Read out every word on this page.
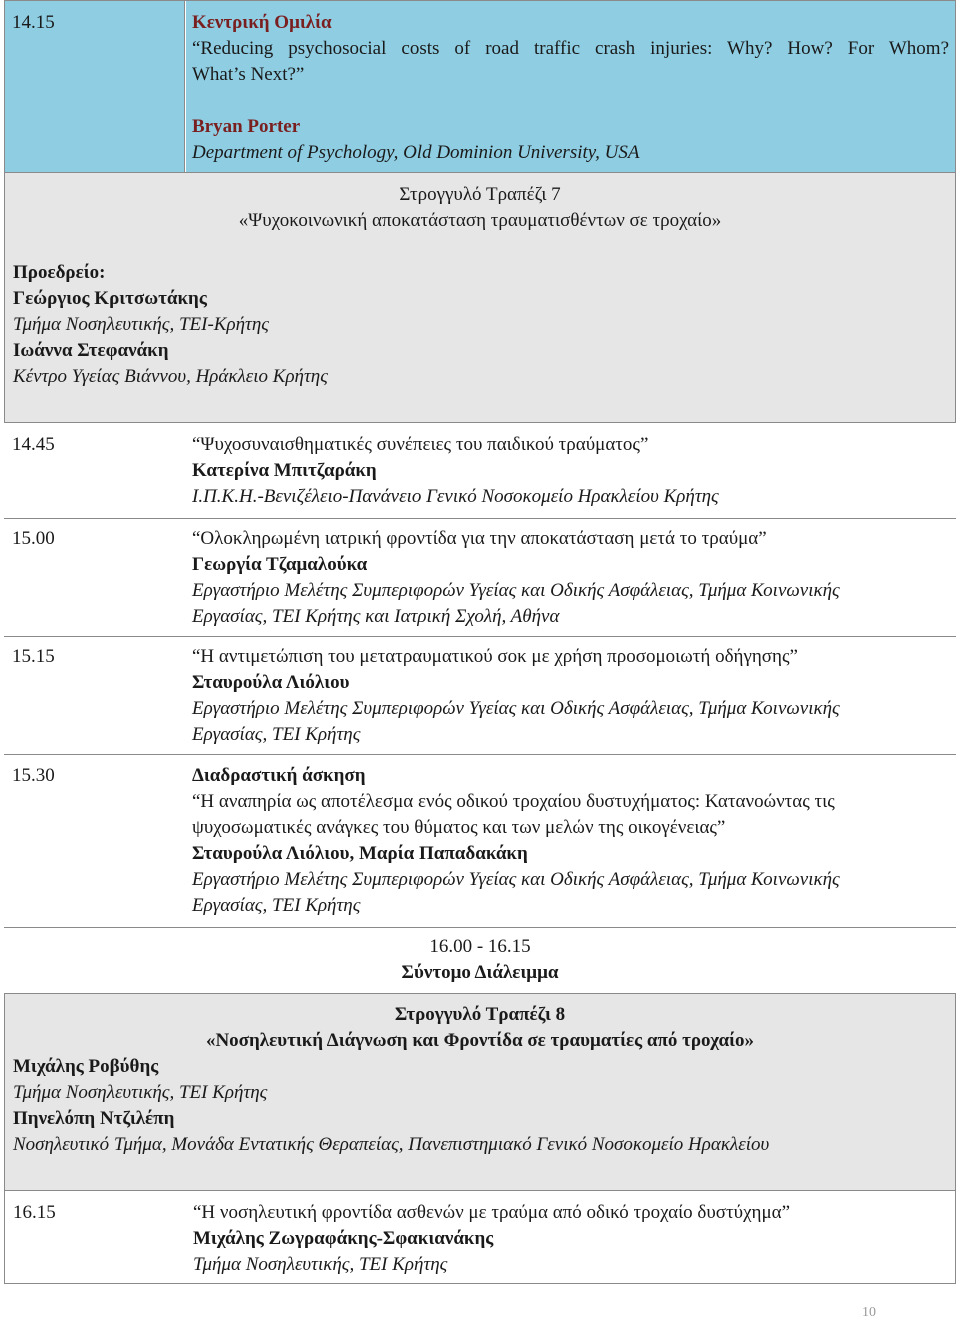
14.15	Κεντρική Ομιλία
“Reducing psychosocial costs of road traffic crash injuries: Why? How? For Whom?
What’s Next?”
Bryan Porter
Department of Psychology, Old Dominion University, USA
Στρογγυλό Τραπέζι 7
«Ψυχοκοινωνική αποκατάσταση τραυματισθέντων σε τροχαίο»
Προεδρείο:
Γεώργιος Κριτσωτάκης
Τμήμα Νοσηλευτικής, ΤΕΙ-Κρήτης
Ιωάννα Στεφανάκη
Κέντρο Υγείας Βιάννου, Ηράκλειο Κρήτης
14.45	“Ψυχοσυναισθηματικές συνέπειες του παιδικού τραύματος”
Κατερίνα Μπιτζαράκη
Ι.Π.Κ.Η.-Βενιζέλειο-Πανάνειο Γενικό Νοσοκομείο Ηρακλείου Κρήτης
15.00	“Ολοκληρωμένη ιατρική φροντίδα για την αποκατάσταση μετά το τραύμα”
Γεωργία Τζαμαλούκα
Εργαστήριο Μελέτης Συμπεριφορών Υγείας και Οδικής Ασφάλειας, Τμήμα Κοινωνικής
Εργασίας, ΤΕΙ Κρήτης και Ιατρική Σχολή, Αθήνα
15.15	“Η αντιμετώπιση του μετατραυματικού σοκ με χρήση προσομοιωτή οδήγησης”
Σταυρούλα Λιόλιου
Εργαστήριο Μελέτης Συμπεριφορών Υγείας και Οδικής Ασφάλειας, Τμήμα Κοινωνικής
Εργασίας, ΤΕΙ Κρήτης
15.30	Διαδραστική άσκηση
“Η αναπηρία ως αποτέλεσμα ενός οδικού τροχαίου δυστυχήματος: Κατανοώντας τις
ψυχοσωματικές ανάγκες του θύματος και των μελών της οικογένειας”
Σταυρούλα Λιόλιου, Μαρία Παπαδακάκη
Εργαστήριο Μελέτης Συμπεριφορών Υγείας και Οδικής Ασφάλειας, Τμήμα Κοινωνικής
Εργασίας, ΤΕΙ Κρήτης
16.00 - 16.15
Σύντομο Διάλειμμα
Στρογγυλό Τραπέζι 8
«Νοσηλευτική Διάγνωση και Φροντίδα σε τραυματίες από τροχαίο»
Μιχάλης Ροβύθης
Τμήμα Νοσηλευτικής, ΤΕΙ Κρήτης
Πηνελόπη Ντζιλέπη
Νοσηλευτικό Τμήμα, Μονάδα Εντατικής Θεραπείας, Πανεπιστημιακό Γενικό Νοσοκομείο Ηρακλείου
16.15	“Η νοσηλευτική φροντίδα ασθενών με τραύμα από οδικό τροχαίο δυστύχημα”
Μιχάλης Ζωγραφάκης-Σφακιανάκης
Τμήμα Νοσηλευτικής, ΤΕΙ Κρήτης
10
